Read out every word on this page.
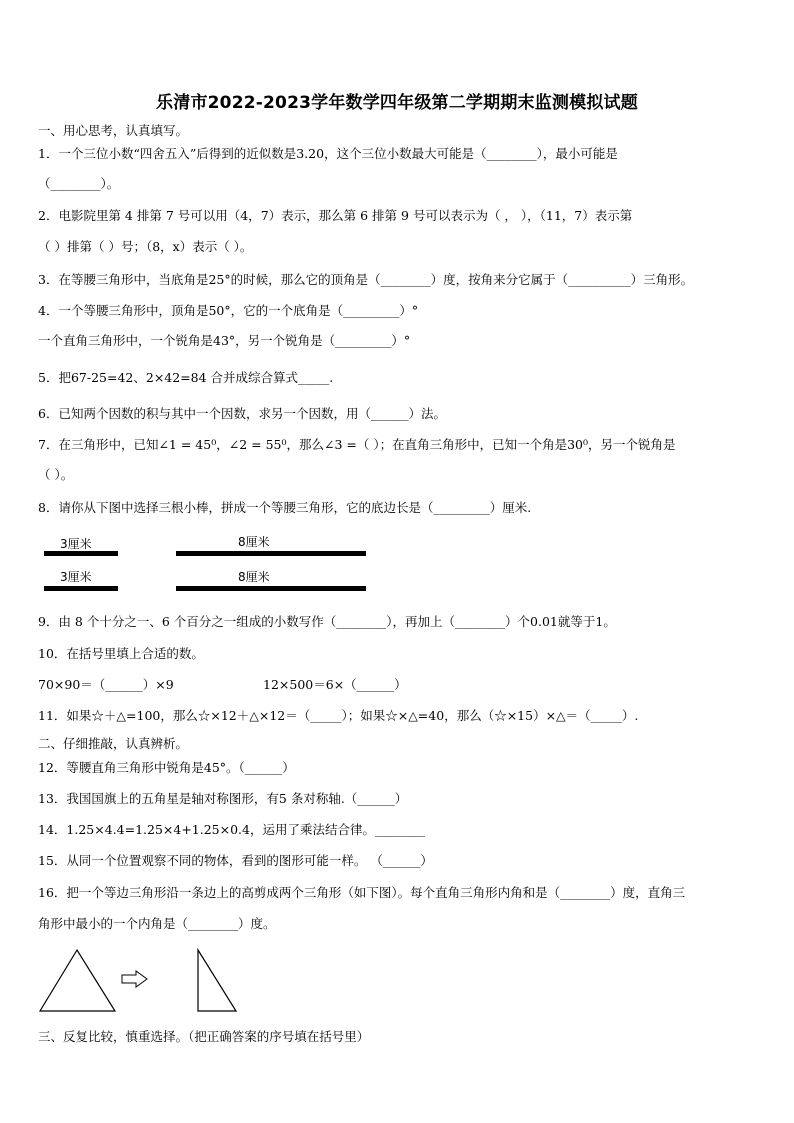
乐清市2022-2023学年数学四年级第二学期期末监测模拟试题
一、用心思考，认真填写。
1．一个三位小数“四舍五入”后得到的近似数是3.20，这个三位小数最大可能是（________），最小可能是
（________）。
2．电影院里第 4 排第 7 号可以用（4，7）表示，那么第 6 排第 9 号可以表示为（ ， ），（11，7）表示第
（ ）排第（ ）号；（8，x）表示（ ）。
3．在等腰三角形中，当底角是25°的时候，那么它的顶角是（________）度，按角来分它属于（__________）三角形。
4．一个等腰三角形中，顶角是50°，它的一个底角是（_________）°
一个直角三角形中，一个锐角是43°，另一个锐角是（_________）°
5．把67-25=42、2×42=84 合并成综合算式_____.
6．已知两个因数的积与其中一个因数，求另一个因数，用（______）法。
7．在三角形中，已知∠1 = 45⁰，∠2 = 55⁰，那么∠3 =（ ）；在直角三角形中，已知一个角是30⁰，另一个锐角是
（ ）。
8．请你从下图中选择三根小棒，拼成一个等腰三角形，它的底边长是（_________）厘米.
3厘米	8厘米
3厘米	8厘米
9．由 8 个十分之一、6 个百分之一组成的小数写作（________），再加上（________）个0.01就等于1。
10．在括号里填上合适的数。
70×90＝（______）×9	12×500＝6×（______）
11．如果☆＋△=100，那么☆×12＋△×12＝（_____）；如果☆×△=40，那么（☆×15）×△＝（_____）.
二、仔细推敲，认真辨析。
12．等腰直角三角形中锐角是45°。（______）
13．我国国旗上的五角星是轴对称图形，有5 条对称轴.（______）
14．1.25×4.4=1.25×4+1.25×0.4，运用了乘法结合律。________
15．从同一个位置观察不同的物体，看到的图形可能一样。 （______）
16．把一个等边三角形沿一条边上的高剪成两个三角形（如下图）。每个直角三角形内角和是（________）度，直角三
角形中最小的一个内角是（________）度。
三、反复比较，慎重选择。（把正确答案的序号填在括号里）
